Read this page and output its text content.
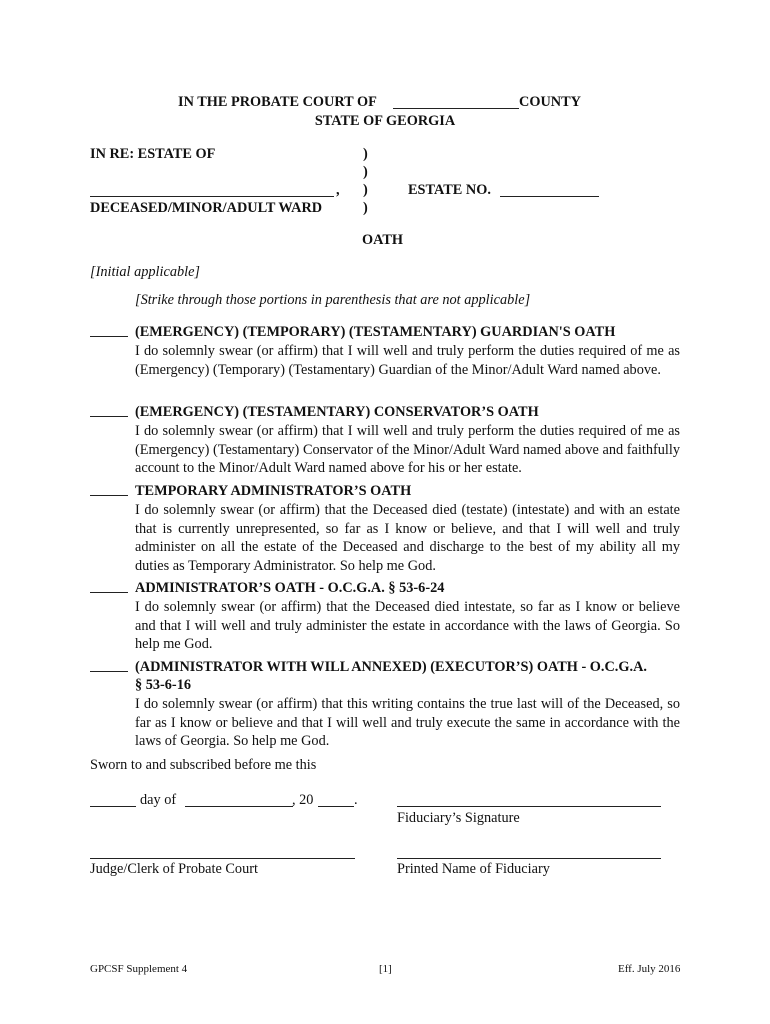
IN THE PROBATE COURT OF	COUNTY
STATE OF GEORGIA
IN RE: ESTATE OF
,
DECEASED/MINOR/ADULT WARD
)
)
)
)
ESTATE NO.
OATH
[Initial applicable]
[Strike through those portions in parenthesis that are not applicable]
(EMERGENCY) (TEMPORARY) (TESTAMENTARY) GUARDIAN'S OATH
I do solemnly swear (or affirm) that I will well and truly perform the duties required of me as (Emergency) (Temporary) (Testamentary) Guardian of the Minor/Adult Ward named above.
(EMERGENCY) (TESTAMENTARY) CONSERVATOR’S OATH
I do solemnly swear (or affirm) that I will well and truly perform the duties required of me as (Emergency) (Testamentary) Conservator of the Minor/Adult Ward named above and faithfully account to the Minor/Adult Ward named above for his or her estate.
TEMPORARY ADMINISTRATOR’S OATH
I do solemnly swear (or affirm) that the Deceased died (testate) (intestate) and with an estate that is currently unrepresented, so far as I know or believe, and that I will well and truly administer on all the estate of the Deceased and discharge to the best of my ability all my duties as Temporary Administrator. So help me God.
ADMINISTRATOR’S OATH - O.C.G.A. § 53-6-24
I do solemnly swear (or affirm) that the Deceased died intestate, so far as I know or believe and that I will well and truly administer the estate in accordance with the laws of Georgia. So help me God.
(ADMINISTRATOR WITH WILL ANNEXED) (EXECUTOR’S) OATH - O.C.G.A.
§ 53-6-16
I do solemnly swear (or affirm) that this writing contains the true last will of the Deceased, so far as I know or believe and that I will well and truly execute the same in accordance with the laws of Georgia. So help me God.
Sworn to and subscribed before me this
day of	, 20	.
Fiduciary’s Signature
Judge/Clerk of Probate Court	Printed Name of Fiduciary
GPCSF Supplement 4	[1]	Eff. July 2016
